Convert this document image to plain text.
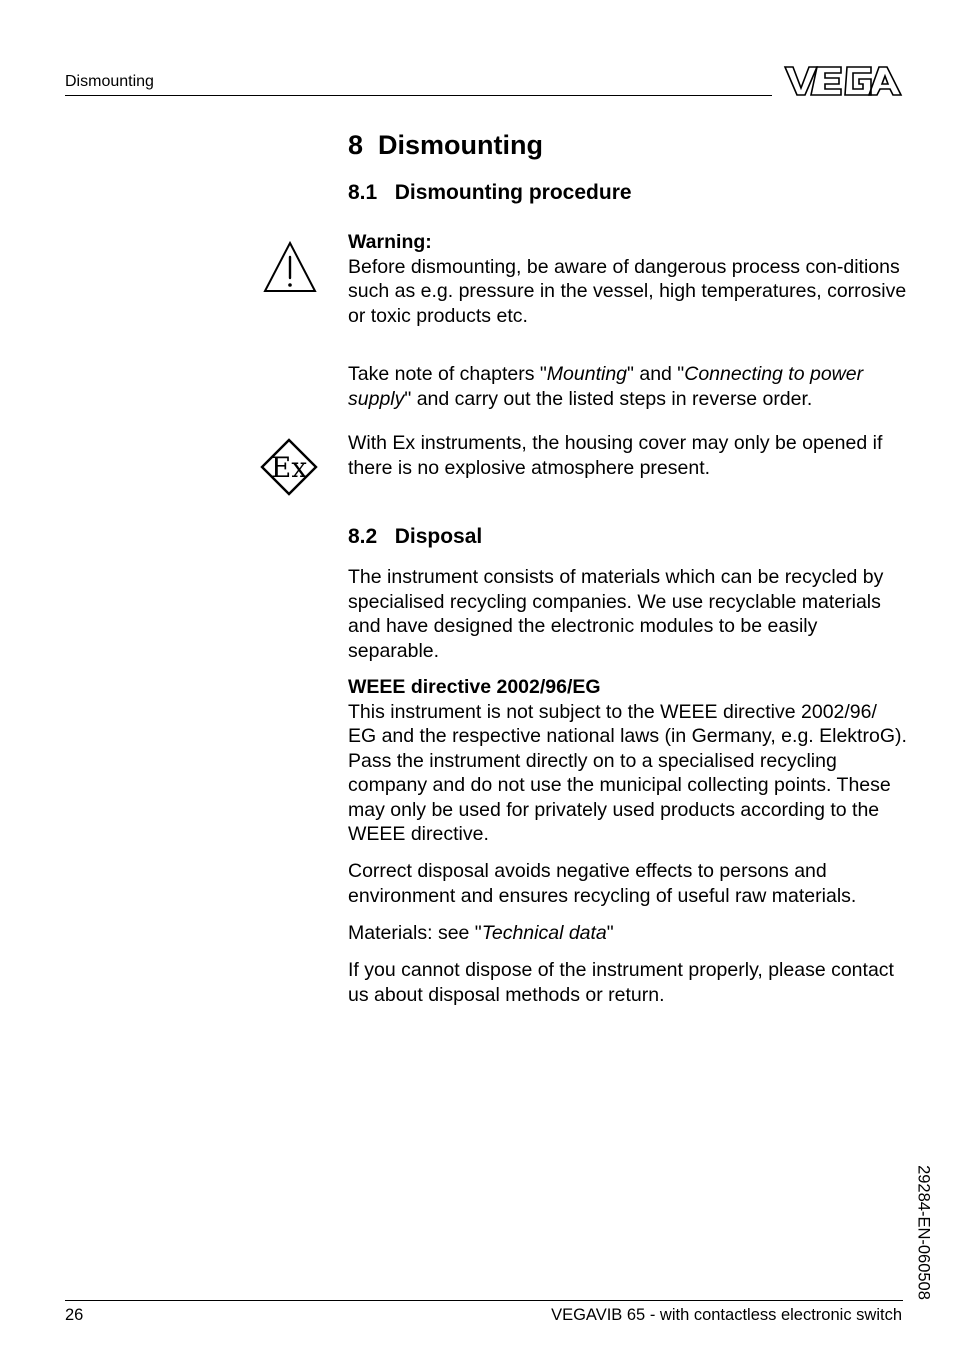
Dismounting
8  Dismounting
8.1   Dismounting procedure
Warning:
Before dismounting, be aware of dangerous process con-ditions such as e.g. pressure in the vessel, high temperatures, corrosive or toxic products etc.

Take note of chapters "Mounting" and "Connecting to power supply" and carry out the listed steps in reverse order.

Ex

With Ex instruments, the housing cover may only be opened if there is no explosive atmosphere present.

8.2   Disposal

The instrument consists of materials which can be recycled by specialised recycling companies. We use recyclable materials and have designed the electronic modules to be easily separable.

WEEE directive 2002/96/EG
This instrument is not subject to the WEEE directive 2002/96/ EG and the respective national laws (in Germany, e.g. ElektroG). Pass the instrument directly on to a specialised recycling company and do not use the municipal collecting points. These may only be used for privately used products according to the WEEE directive.

Correct disposal avoids negative effects to persons and environment and ensures recycling of useful raw materials.

Materials: see "Technical data"

If you cannot dispose of the instrument properly, please contact us about disposal methods or return.

29284-EN-060508
26	VEGAVIB 65 - with contactless electronic switch
